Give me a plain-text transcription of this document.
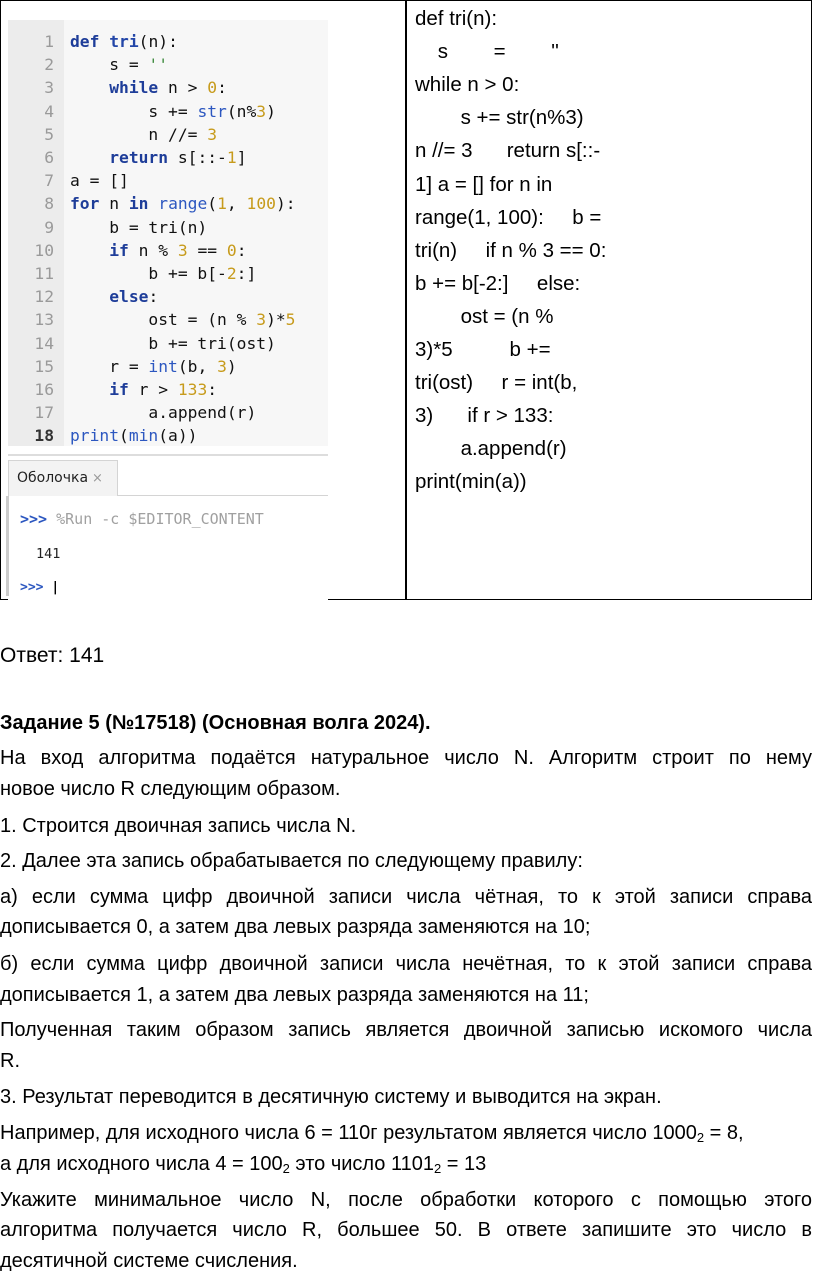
1 def tri(n):
2 s = ''
3	while n > 0:
4 s += str(n%3)
5 n //= 3
6	return s[::-1]
7 a = []
8 for n in range(1, 100):
9 b = tri(n)
10	if n % 3 == 0:
11 b += b[-2:]
12	else:
13 ost = (n % 3)*5
14 b += tri(ost)
15 r = int(b, 3)
16	if r > 133:
17 a.append(r)
18 print(min(a))
Оболочка ×
>>> %Run -c $EDITOR_CONTENT
141
>>> |
def tri(n):
s        =        ''
while n > 0:
s += str(n%3)
n //= 3      return s[::-
1] a = [] for n in
range(1, 100):     b =
tri(n)     if n % 3 == 0:
b += b[-2:]     else:
ost = (n %
3)*5          b +=
tri(ost)     r = int(b,
3)      if r > 133:
a.append(r)
print(min(a))
Ответ: 141
Задание 5 (№17518) (Основная волга 2024).
На вход алгоритма подаётся натуральное число N. Алгоритм строит по нему
новое число R следующим образом.
1. Строится двоичная запись числа N.
2. Далее эта запись обрабатывается по следующему правилу:
а) если сумма цифр двоичной записи числа чётная, то к этой записи справа
дописывается 0, а затем два левых разряда заменяются на 10;
б) если сумма цифр двоичной записи числа нечётная, то к этой записи справа
дописывается 1, а затем два левых разряда заменяются на 11;
Полученная таким образом запись является двоичной записью искомого числа
R.
3. Результат переводится в десятичную систему и выводится на экран.
Например, для исходного числа 6 = 110г результатом является число $1000_2 = 8$,
а для исходного числа $4 = 100_2$ это число $1101_2 = 13$
Укажите минимальное число N, после обработки которого с помощью этого
алгоритма получается число R, большее 50. В ответе запишите это число в
десятичной системе счисления.
